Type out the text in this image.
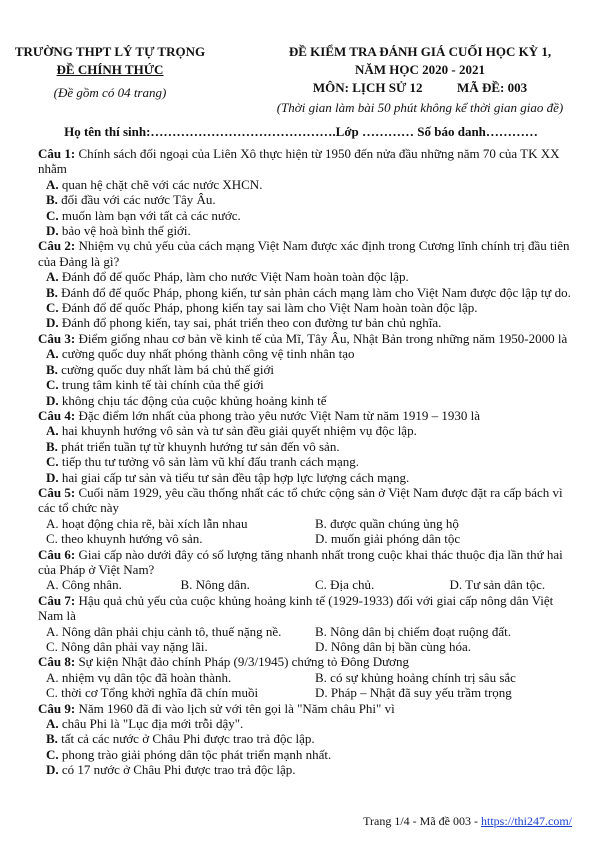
TRƯỜNG THPT LÝ TỰ TRỌNG
ĐỀ CHÍNH THỨC
(Đề gồm có 04 trang)
ĐỀ KIỂM TRA ĐÁNH GIÁ CUỐI HỌC KỲ 1,
NĂM HỌC 2020 - 2021
MÔN: LỊCH SỬ 12	MÃ ĐỀ: 003
(Thời gian làm bài 50 phút không kể thời gian giao đề)
Họ tên thí sinh:…………………………………….Lớp ………… Số báo danh…………

Câu 1: Chính sách đối ngoại của Liên Xô thực hiện từ 1950 đến nửa đầu những năm 70 của TK XX nhằm

A. quan hệ chặt chẽ với các nước XHCN.
B. đối đầu với các nước Tây Âu.
C. muốn làm bạn với tất cả các nước.
D. bảo vệ hoà bình thế giới.

Câu 2: Nhiệm vụ chủ yếu của cách mạng Việt Nam được xác định trong Cương lĩnh chính trị đầu tiên của Đảng là gì?

A. Đánh đổ đế quốc Pháp, làm cho nước Việt Nam hoàn toàn độc lập.
B. Đánh đổ đế quốc Pháp, phong kiến, tư sản phản cách mạng làm cho Việt Nam được độc lập tự do.
C. Đánh đổ đế quốc Pháp, phong kiến tay sai làm cho Việt Nam hoàn toàn độc lập.
D. Đánh đổ phong kiến, tay sai, phát triển theo con đường tư bản chủ nghĩa.

Câu 3: Điểm giống nhau cơ bản về kinh tế của Mĩ, Tây Âu, Nhật Bản trong những năm 1950-2000 là

A. cường quốc duy nhất phóng thành công vệ tinh nhân tạo
B. cường quốc duy nhất làm bá chủ thế giới
C. trung tâm kinh tế tài chính của thế giới
D. không chịu tác động của cuộc khủng hoảng kinh tế

Câu 4: Đặc điểm lớn nhất của phong trào yêu nước Việt Nam từ năm 1919 – 1930 là

A. hai khuynh hướng vô sản và tư sản đều giải quyết nhiệm vụ độc lập.
B. phát triển tuần tự từ khuynh hướng tư sản đến vô sản.
C. tiếp thu tư tưởng vô sản làm vũ khí đấu tranh cách mạng.
D. hai giai cấp tư sản và tiểu tư sản đều tập hợp lực lượng cách mạng.

Câu 5: Cuối năm 1929, yêu cầu thống nhất các tổ chức cộng sản ở Việt Nam được đặt ra cấp bách vì các tổ chức này

A. hoạt động chia rẽ, bài xích lẫn nhau	B. được quần chúng ủng hộ
C. theo khuynh hướng vô sản.	D. muốn giải phóng dân tộc

Câu 6: Giai cấp nào dưới đây có số lượng tăng nhanh nhất trong cuộc khai thác thuộc địa lần thứ hai của Pháp ở Việt Nam?

A. Công nhân.	B. Nông dân.	C. Địa chủ.	D. Tư sản dân tộc.

Câu 7: Hậu quả chủ yếu của cuộc khủng hoảng kinh tế (1929-1933) đối với giai cấp nông dân Việt Nam là

A. Nông dân phải chịu cảnh tô, thuế nặng nề.	B. Nông dân bị chiếm đoạt ruộng đất.
C. Nông dân phải vay nặng lãi.	D. Nông dân bị bần cùng hóa.

Câu 8: Sự kiện Nhật đảo chính Pháp (9/3/1945) chứng tỏ Đông Dương

A. nhiệm vụ dân tộc đã hoàn thành.	B. có sự khủng hoảng chính trị sâu sắc
C. thời cơ Tổng khởi nghĩa đã chín muồi	D. Pháp – Nhật đã suy yếu trầm trọng

Câu 9: Năm 1960 đã đi vào lịch sử với tên gọi là "Năm châu Phi" vì

A. châu Phi là "Lục địa mới trỗi dậy".
B. tất cả các nước ở Châu Phi được trao trả độc lập.
C. phong trào giải phóng dân tộc phát triển mạnh nhất.
D. có 17 nước ở Châu Phi được trao trả độc lập.
Trang 1/4 - Mã đề 003 - https://thi247.com/
